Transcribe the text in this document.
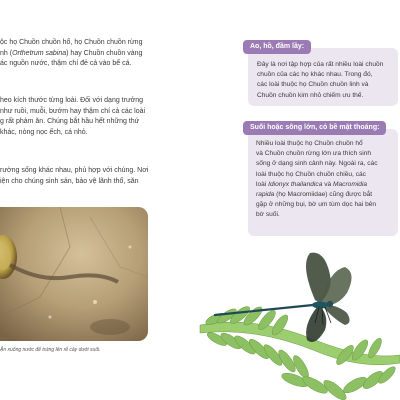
ộc họ Chuồn chuồn hổ, họ Chuồn chuồn rừng
nh (Orthetrum sabina) hay Chuồn chuồn vàng
ác nguồn nước, thậm chí đẻ cả vào bể cá.
heo kích thước từng loài. Đối với dạng trưởng
như ruồi, muỗi, bướm hay thậm chí cả các loài
g rất phàm ăn. Chúng bắt hầu hết những thứ
khác, nòng nọc ếch, cá nhỏ.
rường sống khác nhau, phủ hợp với chúng. Nơi
iện cho chúng sinh sản, bảo vệ lãnh thổ, săn
Ận xuống nước để trứng lên rể cây dưới suối.
Đây là nơi tập hợp của rất nhiều loài chuồn
chuồn của các họ khác nhau. Trong đó,
các loài thuộc họ Chuồn chuồn linh và
Chuồn chuồn kim nhỏ chiếm ưu thế.
Ao, hồ, đầm lầy:
Nhiều loài thuộc họ Chuồn chuồn hổ
và Chuồn chuồn rừng lớn ưa thích sinh
sống ở dạng sinh cảnh này. Ngoài ra, các
loài thuộc họ Chuồn chuồn chiều, các
loài Idionyx thailandica và Macromidia
rapida (họ Macromiidae) cũng được bắt
gặp ở những bụi, bờ um tùm dọc hai bên
bờ suối.
Suối hoặc sông lớn, có bề mặt thoáng:
